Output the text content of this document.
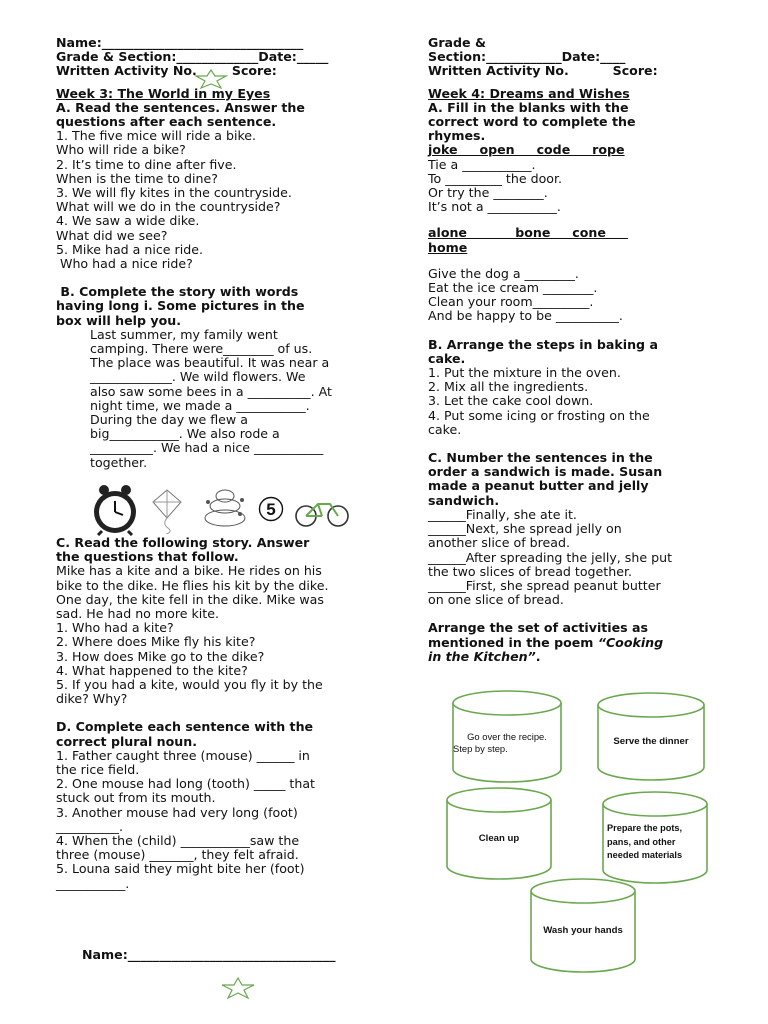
Name:________________________________
Grade & Section:_____________Date:_____
Written Activity No.        Score:
Week 3: The World in my Eyes
A. Read the sentences. Answer the
questions after each sentence.
1. The five mice will ride a bike.
Who will ride a bike?
2. It’s time to dine after five.
When is the time to dine?
3. We will fly kites in the countryside.
What will we do in the countryside?
4. We saw a wide dike.
What did we see?
5. Mike had a nice ride.
Who had a nice ride?
B. Complete the story with words
having long i. Some pictures in the
box will help you.
Last summer, my family went
camping. There were________ of us.
The place was beautiful. It was near a
_____________. We wild flowers. We
also saw some bees in a __________. At
night time, we made a ___________.
During the day we flew a
big___________. We also rode a
__________. We had a nice ___________
together.
5
C. Read the following story. Answer
the questions that follow.
Mike has a kite and a bike. He rides on his
bike to the dike. He flies his kit by the dike.
One day, the kite fell in the dike. Mike was
sad. He had no more kite.
1. Who had a kite?
2. Where does Mike fly his kite?
3. How does Mike go to the dike?
4. What happened to the kite?
5. If you had a kite, would you fly it by the
dike? Why?
D. Complete each sentence with the
correct plural noun.
1. Father caught three (mouse) ______ in
the rice field.
2. One mouse had long (tooth) _____ that
stuck out from its mouth.
3. Another mouse had very long (foot)
__________.
4. When the (child) ___________saw the
three (mouse) _______, they felt afraid.
5. Louna said they might bite her (foot)
___________.
Name:_________________________________
Grade &
Section:____________Date:____
Written Activity No.          Score:
Week 4: Dreams and Wishes
A. Fill in the blanks with the
correct word to complete the
rhymes.
joke     open     code     rope
Tie a ___________.
To _________ the door.
Or try the ________.
It’s not a ___________.
alone           bone     cone
home
Give the dog a ________.
Eat the ice cream ________.
Clean your room_________.
And be happy to be __________.
B. Arrange the steps in baking a
cake.
1. Put the mixture in the oven.
2. Mix all the ingredients.
3. Let the cake cool down.
4. Put some icing or frosting on the
cake.
C. Number the sentences in the
order a sandwich is made. Susan
made a peanut butter and jelly
sandwich.
______Finally, she ate it.
______Next, she spread jelly on
another slice of bread.
______After spreading the jelly, she put
the two slices of bread together.
______First, she spread peanut butter
on one slice of bread.
Arrange the set of activities as
mentioned in the poem “Cooking
in the Kitchen”.
Go over the recipe.
Step by step.
Serve the dinner
Clean up
Prepare the pots,
pans, and other
needed materials
Wash your hands
